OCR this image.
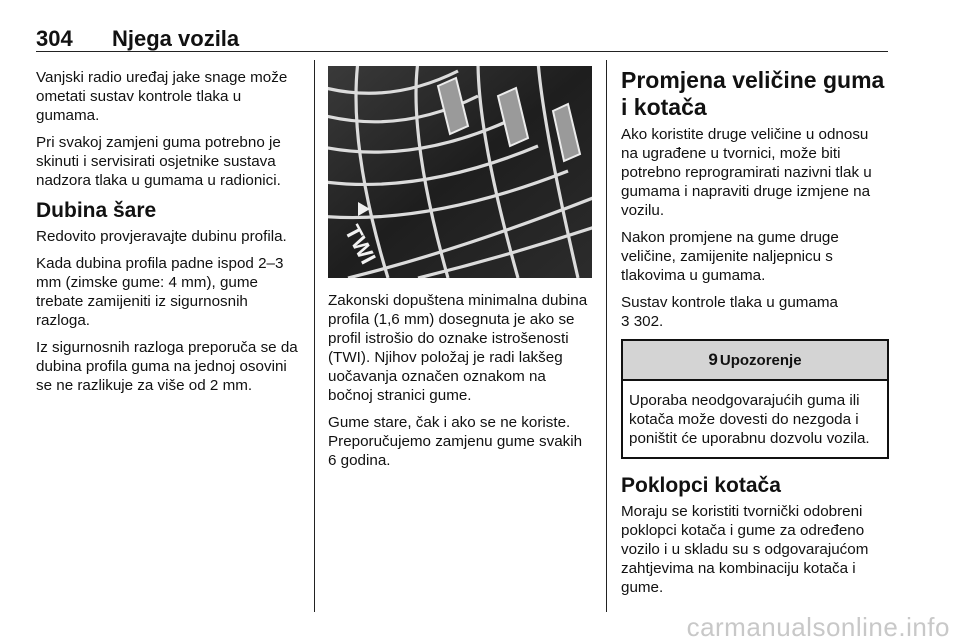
304 Njega vozila

Vanjski radio uređaj jake snage može ometati sustav kontrole tlaka u gumama.

Pri svakoj zamjeni guma potrebno je skinuti i servisirati osjetnike sustava nadzora tlaka u gumama u radionici.

Dubina šare

Redovito provjeravajte dubinu profila.

Kada dubina profila padne ispod 2–3 mm (zimske gume: 4 mm), gume trebate zamijeniti iz sigurnosnih razloga.

Iz sigurnosnih razloga preporuča se da dubina profila guma na jednoj osovini se ne razlikuje za više od 2 mm.

TWI

Zakonski dopuštena minimalna dubina profila (1,6 mm) dosegnuta je ako se profil istrošio do oznake istrošenosti (TWI). Njihov položaj je radi lakšeg uočavanja označen oznakom na bočnoj stranici gume.

Gume stare, čak i ako se ne koriste. Preporučujemo zamjenu gume svakih 6 godina.

Promjena veličine guma i kotača

Ako koristite druge veličine u odnosu na ugrađene u tvornici, može biti potrebno reprogramirati nazivni tlak u gumama i napraviti druge izmjene na vozilu.

Nakon promjene na gume druge veličine, zamijenite naljepnicu s tlakovima u gumama.

Sustav kontrole tlaka u gumama
3 302.

9 Upozorenje
Uporaba neodgovarajućih guma ili kotača može dovesti do nezgoda i poništit će uporabnu dozvolu vozila.
Poklopci kotača

Moraju se koristiti tvornički odobreni poklopci kotača i gume za određeno vozilo i u skladu su s odgovarajućom zahtjevima na kombinaciju kotača i gume.

carmanualsonline.info
